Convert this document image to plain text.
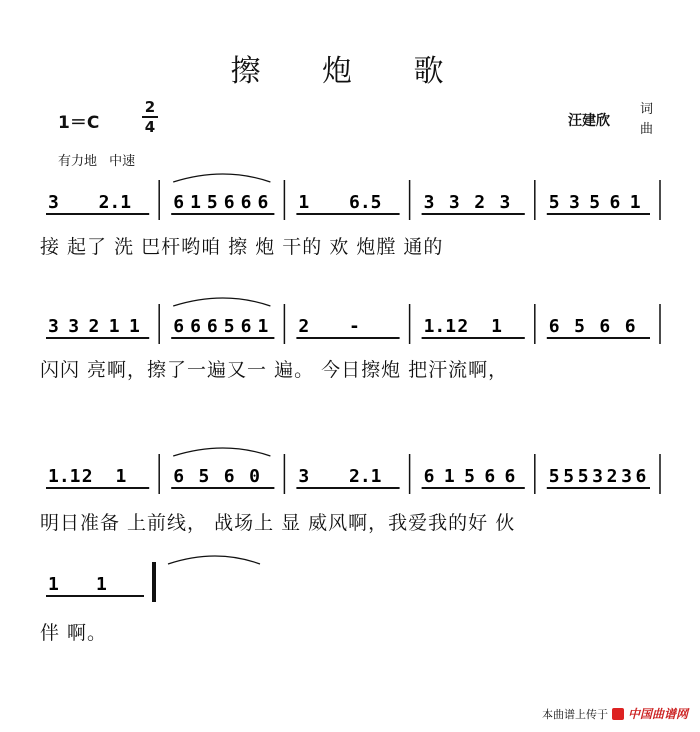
擦 炮 歌
1＝C
2
4	汪建欣
词
曲
有力地 中速
3 2.1 6 1 5 6 6 6 1 6.5 3 3 2 3 5 3 5 6 1
3 3 2 1 1 6 6 6 5 6 1 2 -	1.1 2 1	6 5 6 6
1.1 2 1	6 5 6 0 3 2.1 6 1 5 6 6 5 5 5 3 2 3 6
1 1
接 起了 洗 巴杆哟咱 擦 炮 干的 欢 炮膛 通的
闪闪 亮啊，擦了一遍又一 遍。 今日擦炮 把汗流啊，
明日准备 上前线， 战场上 显 威风啊，我爱我的好 伙
伴 啊。
本曲谱上传于 中国曲谱网
